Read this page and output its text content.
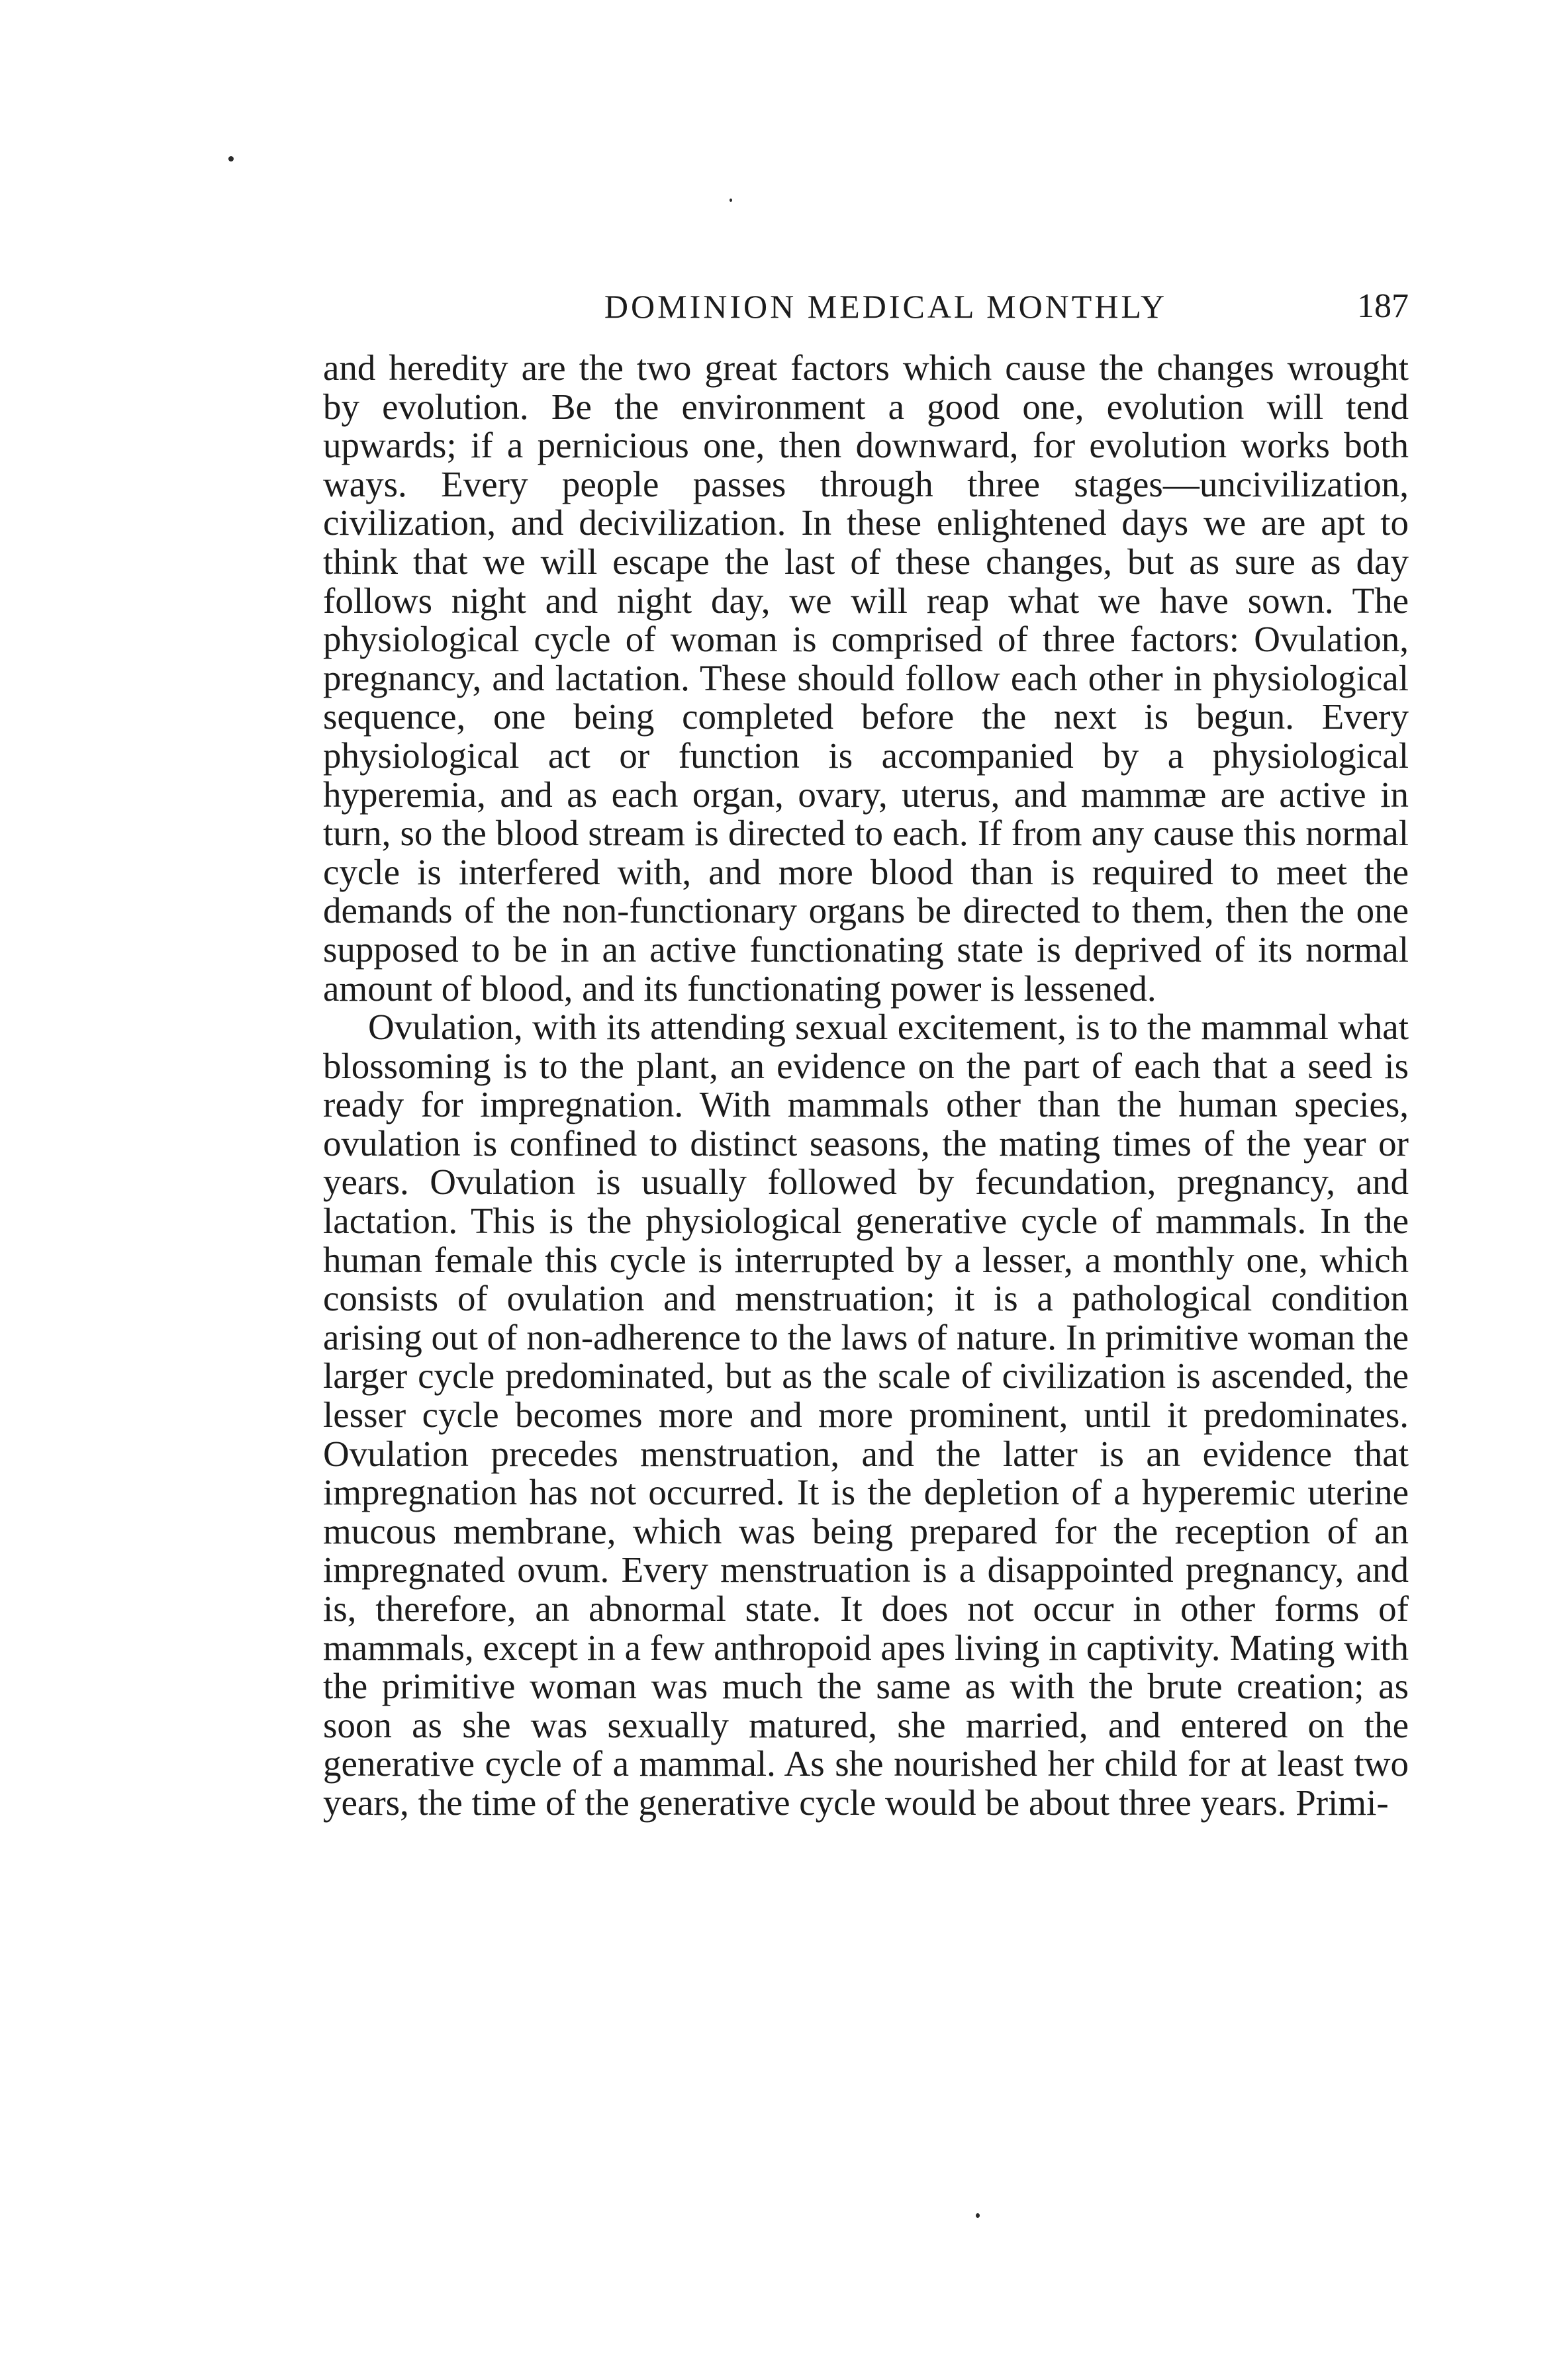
DOMINION MEDICAL MONTHLY	187

and heredity are the two great factors which cause the changes wrought by evolution. Be the environment a good one, evolution will tend upwards; if a pernicious one, then downward, for evolution works both ways. Every people passes through three stages—uncivilization, civilization, and decivilization. In these enlightened days we are apt to think that we will escape the last of these changes, but as sure as day follows night and night day, we will reap what we have sown. The physiological cycle of woman is comprised of three factors: Ovulation, pregnancy, and lactation. These should follow each other in physiological sequence, one being completed before the next is begun. Every physiological act or function is accompanied by a physiological hyperemia, and as each organ, ovary, uterus, and mammæ are active in turn, so the blood stream is directed to each. If from any cause this normal cycle is interfered with, and more blood than is required to meet the demands of the non-functionary organs be directed to them, then the one supposed to be in an active functionating state is deprived of its normal amount of blood, and its functionating power is lessened.

Ovulation, with its attending sexual excitement, is to the mammal what blossoming is to the plant, an evidence on the part of each that a seed is ready for impregnation. With mammals other than the human species, ovulation is confined to distinct seasons, the mating times of the year or years. Ovulation is usually followed by fecundation, pregnancy, and lactation. This is the physiological generative cycle of mammals. In the human female this cycle is interrupted by a lesser, a monthly one, which consists of ovulation and menstruation; it is a pathological condition arising out of non-adherence to the laws of nature. In primitive woman the larger cycle predominated, but as the scale of civilization is ascended, the lesser cycle becomes more and more prominent, until it predominates. Ovulation precedes menstruation, and the latter is an evidence that impregnation has not occurred. It is the depletion of a hyperemic uterine mucous membrane, which was being prepared for the reception of an impregnated ovum. Every menstruation is a disappointed pregnancy, and is, therefore, an abnormal state. It does not occur in other forms of mammals, except in a few anthropoid apes living in captivity. Mating with the primitive woman was much the same as with the brute creation; as soon as she was sexually matured, she married, and entered on the generative cycle of a mammal. As she nourished her child for at least two years, the time of the generative cycle would be about three years. Primi-
